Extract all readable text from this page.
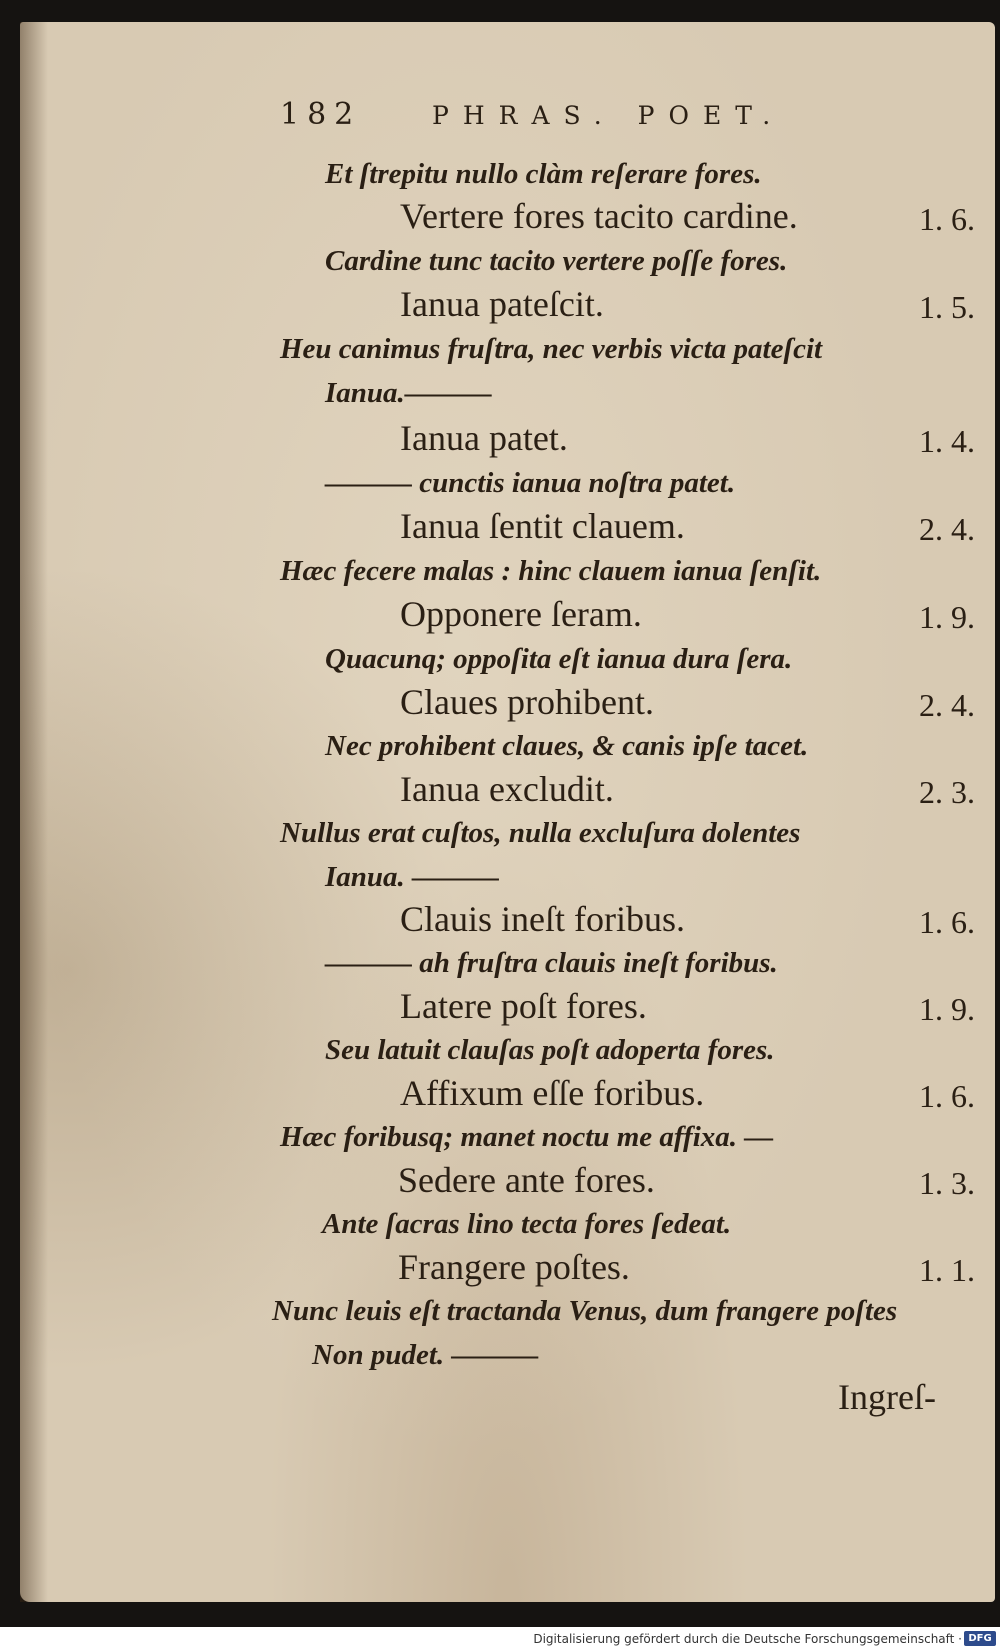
182	PHRAS. POET.
Et ſtrepitu nullo clàm reſerare fores.
Vertere fores tacito cardine.	1. 6.
Cardine tunc tacito vertere poſſe fores.
Ianua pateſcit.	1. 5.
Heu canimus fruſtra, nec verbis victa pateſcit
Ianua.———
Ianua patet.	1. 4.
——— cunctis ianua noſtra patet.
Ianua ſentit clauem.	2. 4.
Hæc fecere malas : hinc clauem ianua ſenſit.
Opponere ſeram.	1. 9.
Quacunq; oppoſita eſt ianua dura ſera.
Claues prohibent.	2. 4.
Nec prohibent claues, & canis ipſe tacet.
Ianua excludit.	2. 3.
Nullus erat cuſtos, nulla excluſura dolentes
Ianua. ———
Clauis ineſt foribus.	1. 6.
——— ah fruſtra clauis ineſt foribus.
Latere poſt fores.	1. 9.
Seu latuit clauſas poſt adoperta fores.
Affixum eſſe foribus.	1. 6.
Hæc foribusq; manet noctu me affixa. —
Sedere ante fores.	1. 3.
Ante ſacras lino tecta fores ſedeat.
Frangere poſtes.	1. 1.
Nunc leuis eſt tractanda Venus, dum frangere poſtes
Non pudet. ———
Ingreſ-
Digitalisierung gefördert durch die Deutsche Forschungsgemeinschaft · DFG
